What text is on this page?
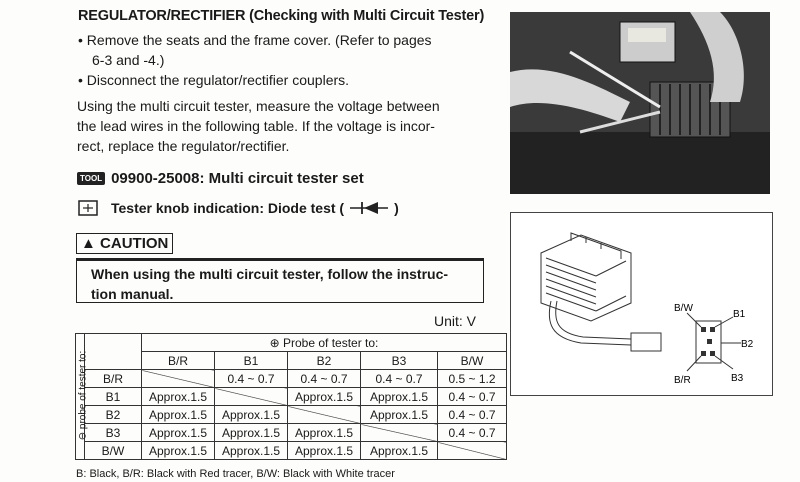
REGULATOR/RECTIFIER (Checking with Multi Circuit Tester)
• Remove the seats and the frame cover. (Refer to pages
6-3 and -4.)
• Disconnect the regulator/rectifier couplers.
Using the multi circuit tester, measure the voltage between
the lead wires in the following table. If the voltage is incor-
rect, replace the regulator/rectifier.
TOOL 09900-25008: Multi circuit tester set
Tester knob indication: Diode test (	)
▲ CAUTION
When using the multi circuit tester, follow the instruc-
tion manual.
Unit: V
⊖ probe of tester to:		⊕ Probe of tester to:				
		B/R	B1	B2	B3	B/W
	B/R		0.4 ~ 0.7	0.4 ~ 0.7	0.4 ~ 0.7	0.5 ~ 1.2
	B1	Approx.1.5		Approx.1.5	Approx.1.5	0.4 ~ 0.7
	B2	Approx.1.5	Approx.1.5		Approx.1.5	0.4 ~ 0.7
	B3	Approx.1.5	Approx.1.5	Approx.1.5		0.4 ~ 0.7
	B/W	Approx.1.5	Approx.1.5	Approx.1.5	Approx.1.5	
B: Black, B/R: Black with Red tracer, B/W: Black with White tracer
B/W
B1
B2
B/R	B3
